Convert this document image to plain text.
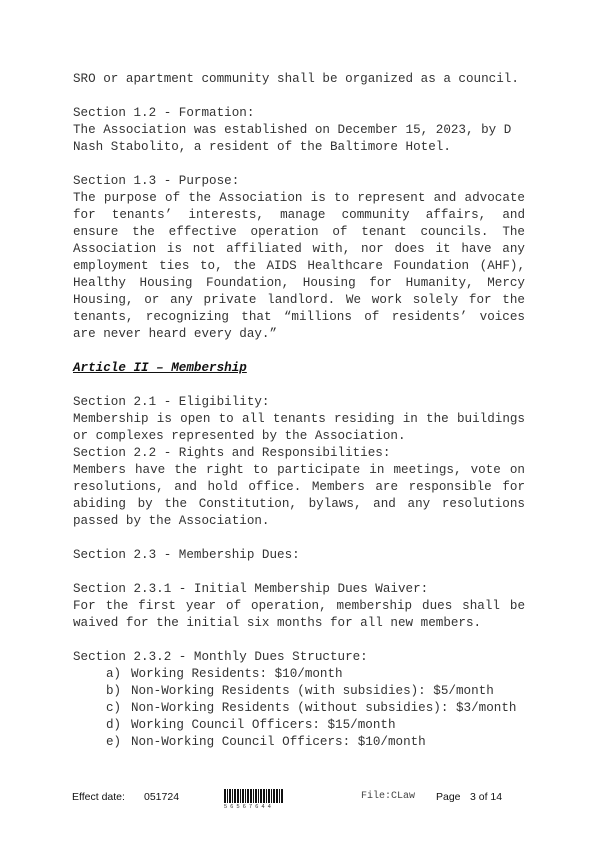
SRO or apartment community shall be organized as a council.

Section 1.2 - Formation:

The Association was established on December 15, 2023, by D Nash Stabolito, a resident of the Baltimore Hotel.

Section 1.3 - Purpose:

The purpose of the Association is to represent and advocate for tenants’ interests, manage community affairs, and ensure the effective operation of tenant councils. The Association is not affiliated with, nor does it have any employment ties to, the AIDS Healthcare Foundation (AHF), Healthy Housing Foundation, Housing for Humanity, Mercy Housing, or any private landlord. We work solely for the tenants, recognizing that “millions of residents’ voices are never heard every day.”

Article II – Membership

Section 2.1 - Eligibility:

Membership is open to all tenants residing in the buildings or complexes represented by the Association.

Section 2.2 - Rights and Responsibilities:

Members have the right to participate in meetings, vote on resolutions, and hold office. Members are responsible for abiding by the Constitution, bylaws, and any resolutions passed by the Association.

Section 2.3 - Membership Dues:

Section 2.3.1 - Initial Membership Dues Waiver:

For the first year of operation, membership dues shall be waived for the initial six months for all new members.

Section 2.3.2 - Monthly Dues Structure:

a) Working Residents: $10/month
b) Non-Working Residents (with subsidies): $5/month
c) Non-Working Residents (without subsidies): $3/month
d) Working Council Officers: $15/month
e) Non-Working Council Officers: $10/month
Effect date: 051724
56567644
File:CLaw Page 3 of 14
